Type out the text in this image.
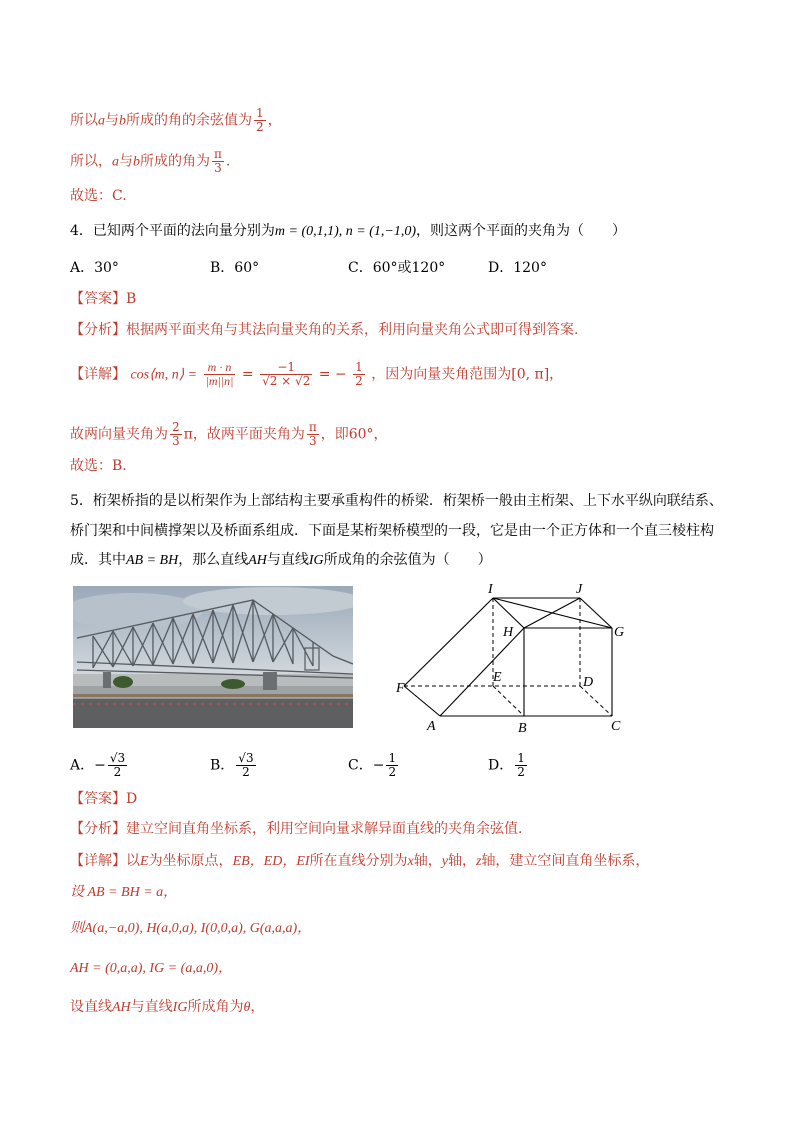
所以a与b所成的角的余弦值为 $\frac{1}{2}$ ，
所以，a与b所成的角为 $\frac{\pi}{3}$ .
故选：C.
4．已知两个平面的法向量分别为m = (0,1,1), n = (1,−1,0)，则这两个平面的夹角为（　　）
A．30°	B．60°	C．60°或120°	D．120°
【答案】B
【分析】根据两平面夹角与其法向量夹角的关系，利用向量夹角公式即可得到答案.
【详解】 cos⟨m, n⟩ = $\frac{m \cdot n}{|m||n|} = \frac{-1}{√2 \times √2}$ = − $\frac{1}{2}$ ，因为向量夹角范围为[0, π]，
故两向量夹角为 $\frac{2}{3}$ π，故两平面夹角为 $\frac{\pi}{3}$ ，即60°，
故选：B.
5．桁架桥指的是以桁架作为上部结构主要承重构件的桥梁．桁架桥一般由主桁架、上下水平纵向联结系、
桥门架和中间横撑架以及桥面系组成．下面是某桁架桥模型的一段，它是由一个正方体和一个直三棱柱构
成．其中AB = BH，那么直线AH与直线IG所成角的余弦值为（　　）
I	J
H	G
E	D
F
A	B	C
A．− $\frac{√3}{2}$	B． $\frac{√3}{2}$	C．− $\frac{1}{2}$	D． $\frac{1}{2}$
【答案】D
【分析】建立空间直角坐标系，利用空间向量求解异面直线的夹角余弦值.
【详解】以E为坐标原点，EB，ED，EI所在直线分别为x轴，y轴，z轴，建立空间直角坐标系，
设 AB = BH = a，
则A(a,−a,0), H(a,0,a), I(0,0,a), G(a,a,a)，
AH = (0,a,a), IG = (a,a,0)，
设直线AH与直线IG所成角为θ，
